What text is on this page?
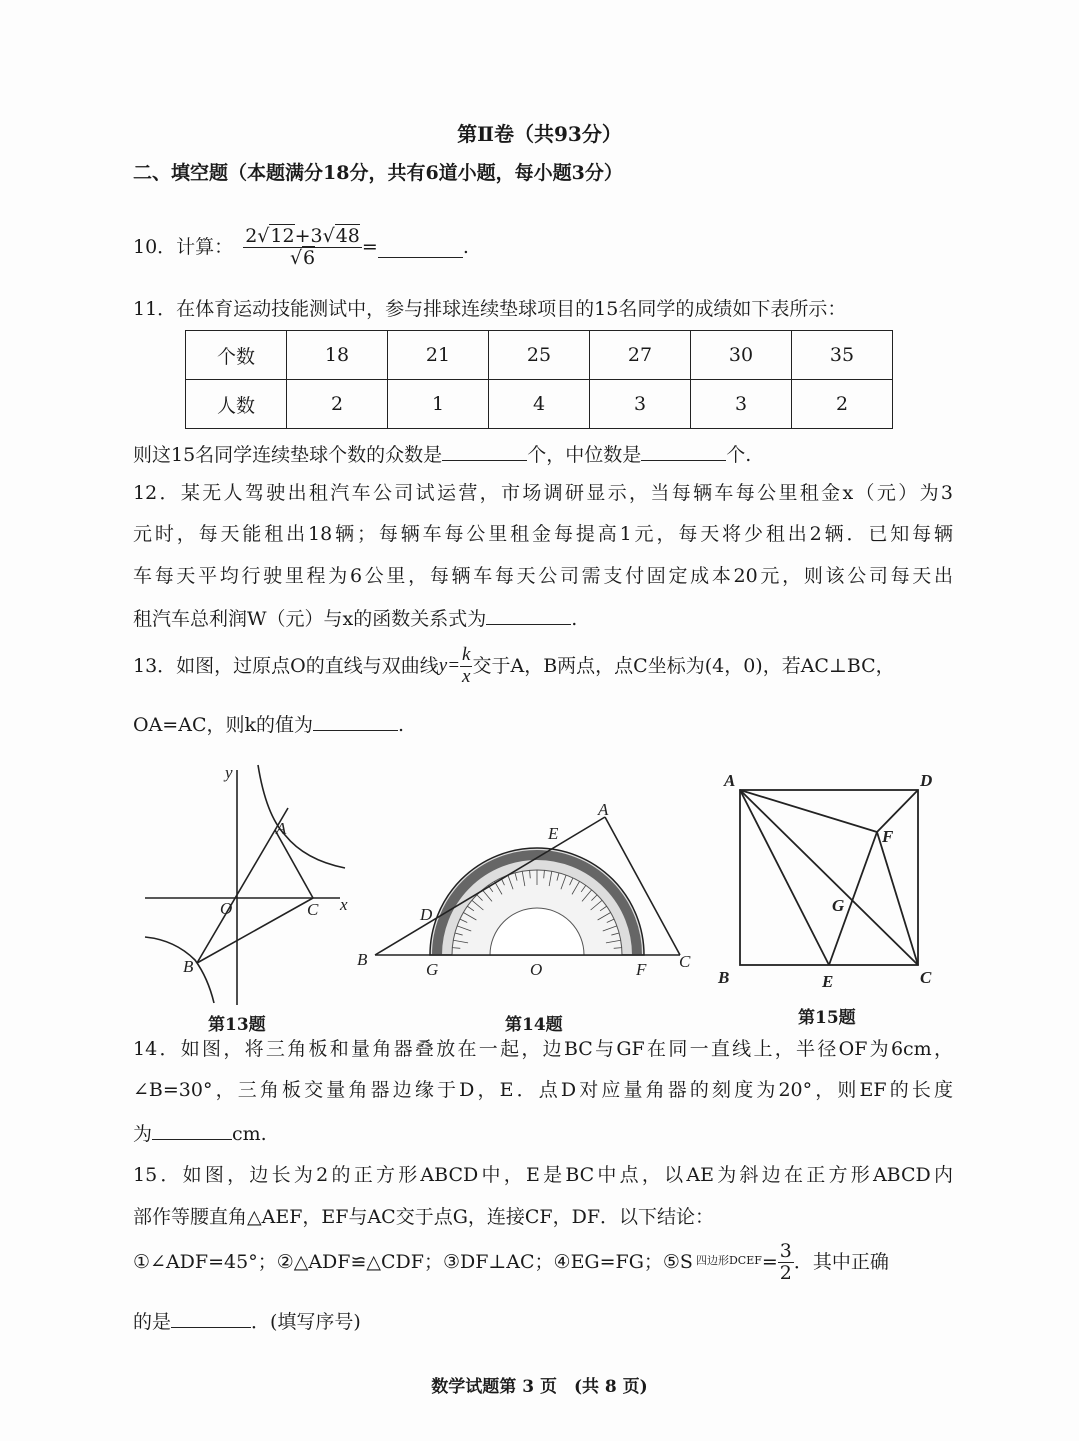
第Ⅱ卷（共93分）
二、填空题（本题满分18分，共有6道小题，每小题3分）
10．计算： $\frac{2√12+3√48}{√6}$ =	.
11．在体育运动技能测试中，参与排球连续垫球项目的15名同学的成绩如下表所示：
个数	18	21	25	27	30	35
人数	2	1	4	3	3	2
则这15名同学连续垫球个数的众数是	个，中位数是	个.
12．某无人驾驶出租汽车公司试运营，市场调研显示，当每辆车每公里租金x（元）为3
元时，每天能租出18辆；每辆车每公里租金每提高1元，每天将少租出2辆．已知每辆
车每天平均行驶里程为6公里，每辆车每天公司需支付固定成本20元，则该公司每天出
租汽车总利润W（元）与x的函数关系式为	.
13．如图，过原点O的直线与双曲线 $y= \frac{k}{x}$ 交于A，B两点，点C坐标为(4，0)，若AC⊥BC，
OA=AC，则k的值为	.
y
x
O
A
B
C
A
E
D
B
G	O	F C
A	D
F
G
B	E	C
第13题	第14题	第15题
14．如图，将三角板和量角器叠放在一起，边BC与GF在同一直线上，半径OF为6cm，
∠B=30°，三角板交量角器边缘于D，E．点D对应量角器的刻度为20°，则EF的长度
为	cm.
15．如图，边长为2的正方形ABCD中，E是BC中点，以AE为斜边在正方形ABCD内
部作等腰直角△AEF，EF与AC交于点G，连接CF，DF．以下结论：
①∠ADF=45°；②△ADF≌△CDF；③DF⊥AC；④EG=FG；⑤S 四边形DCEF = $\frac{3}{2}$ ．其中正确
的是	．(填写序号)
数学试题第 3 页　(共 8 页)
